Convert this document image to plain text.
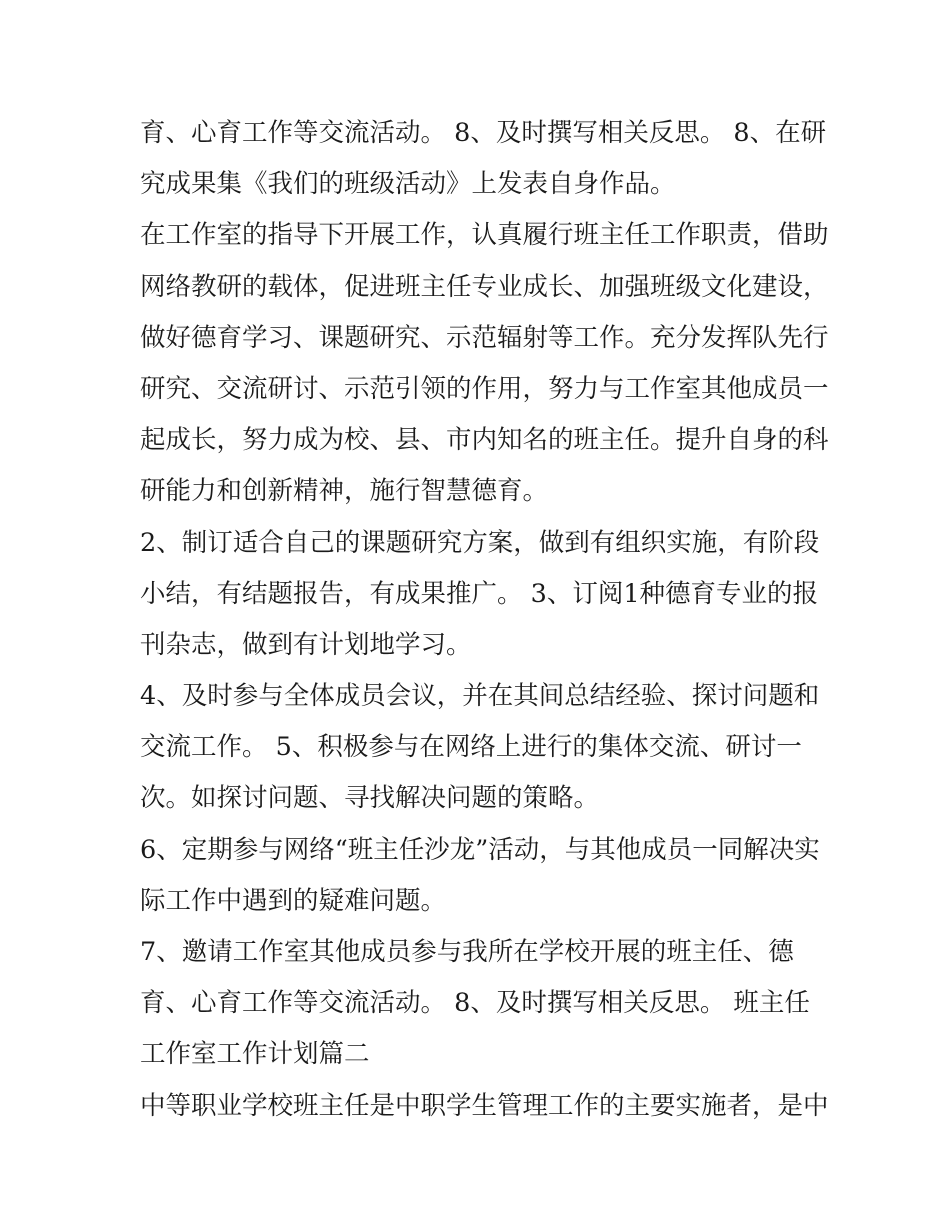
育、心育工作等交流活动。 8、及时撰写相关反思。 8、在研
究成果集《我们的班级活动》上发表自身作品。
在工作室的指导下开展工作，认真履行班主任工作职责，借助
网络教研的载体，促进班主任专业成长、加强班级文化建设，
做好德育学习、课题研究、示范辐射等工作。充分发挥队先行
研究、交流研讨、示范引领的作用，努力与工作室其他成员一
起成长，努力成为校、县、市内知名的班主任。提升自身的科
研能力和创新精神，施行智慧德育。
2、制订适合自己的课题研究方案，做到有组织实施，有阶段
小结，有结题报告，有成果推广。 3、订阅1种德育专业的报
刊杂志，做到有计划地学习。
4、及时参与全体成员会议，并在其间总结经验、探讨问题和
交流工作。 5、积极参与在网络上进行的集体交流、研讨一
次。如探讨问题、寻找解决问题的策略。
6、定期参与网络“班主任沙龙”活动，与其他成员一同解决实
际工作中遇到的疑难问题。
7、邀请工作室其他成员参与我所在学校开展的班主任、德
育、心育工作等交流活动。 8、及时撰写相关反思。 班主任
工作室工作计划篇二
中等职业学校班主任是中职学生管理工作的主要实施者，是中
